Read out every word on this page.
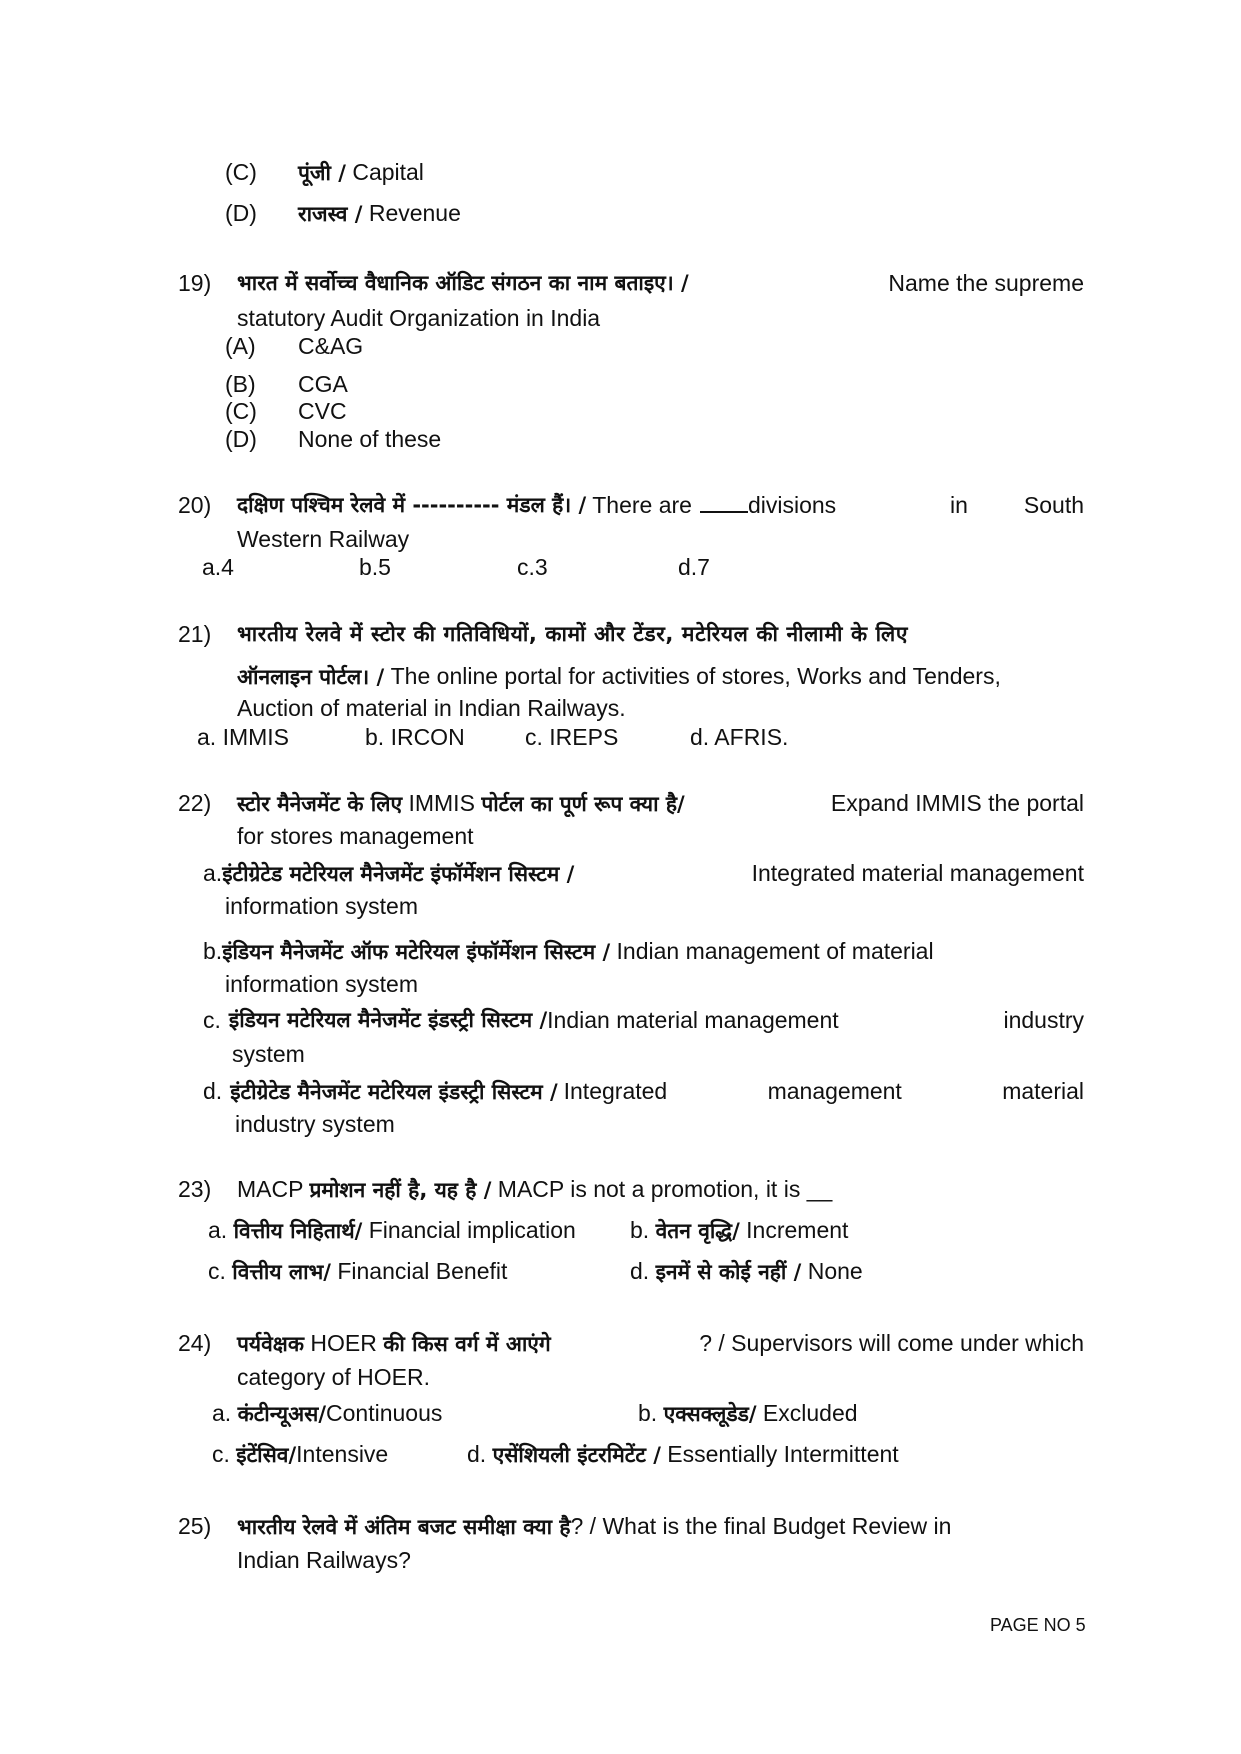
(C) पूंजी / Capital
(D) राजस्व / Revenue
19) भारत में सर्वोच्च वैधानिक ऑडिट संगठन का नाम बताइए। /	Name the supreme
statutory Audit Organization in India
(A) C&AG
(B) CGA
(C) CVC
(D) None of these
20) दक्षिण पश्चिम रेलवे में ---------- मंडल हैं। / There are divisions	in South
Western Railway
a.4	b.5	c.3	d.7
21) भारतीय रेलवे में स्टोर की गतिविधियों, कामों और टेंडर, मटेरियल की नीलामी के लिए
ऑनलाइन पोर्टल। / The online portal for activities of stores, Works and Tenders,
Auction of material in Indian Railways.
a. IMMIS	b. IRCON	c. IREPS	d. AFRIS.
22) स्टोर मैनेजमेंट के लिए IMMIS पोर्टल का पूर्ण रूप क्या है/	Expand IMMIS the portal
for stores management
a.इंटीग्रेटेड मटेरियल मैनेजमेंट इंफॉर्मेशन सिस्टम /	Integrated material management
information system
b.इंडियन मैनेजमेंट ऑफ मटेरियल इंफॉर्मेशन सिस्टम / Indian management of material
information system
c. इंडियन मटेरियल मैनेजमेंट इंडस्ट्री सिस्टम / Indian material management	industry
system
d. इंटीग्रेटेड मैनेजमेंट मटेरियल इंडस्ट्री सिस्टम / Integrated	management	material
industry system
23) MACP प्रमोशन नहीं है, यह है / MACP is not a promotion, it is __
a. वित्तीय निहितार्थ/ Financial implication b. वेतन वृद्धि/ Increment
c. वित्तीय लाभ/ Financial Benefit	d. इनमें से कोई नहीं / None
24) पर्यवेक्षक HOER की किस वर्ग में आएंगे	? / Supervisors will come under which
category of HOER.
a. कंटीन्यूअस/Continuous	b. एक्सक्लूडेड/ Excluded
c. इंटेंसिव/Intensive	d. एसेंशियली इंटरमिटेंट / Essentially Intermittent
25) भारतीय रेलवे में अंतिम बजट समीक्षा क्या है? / What is the final Budget Review in
Indian Railways?
PAGE NO 5
